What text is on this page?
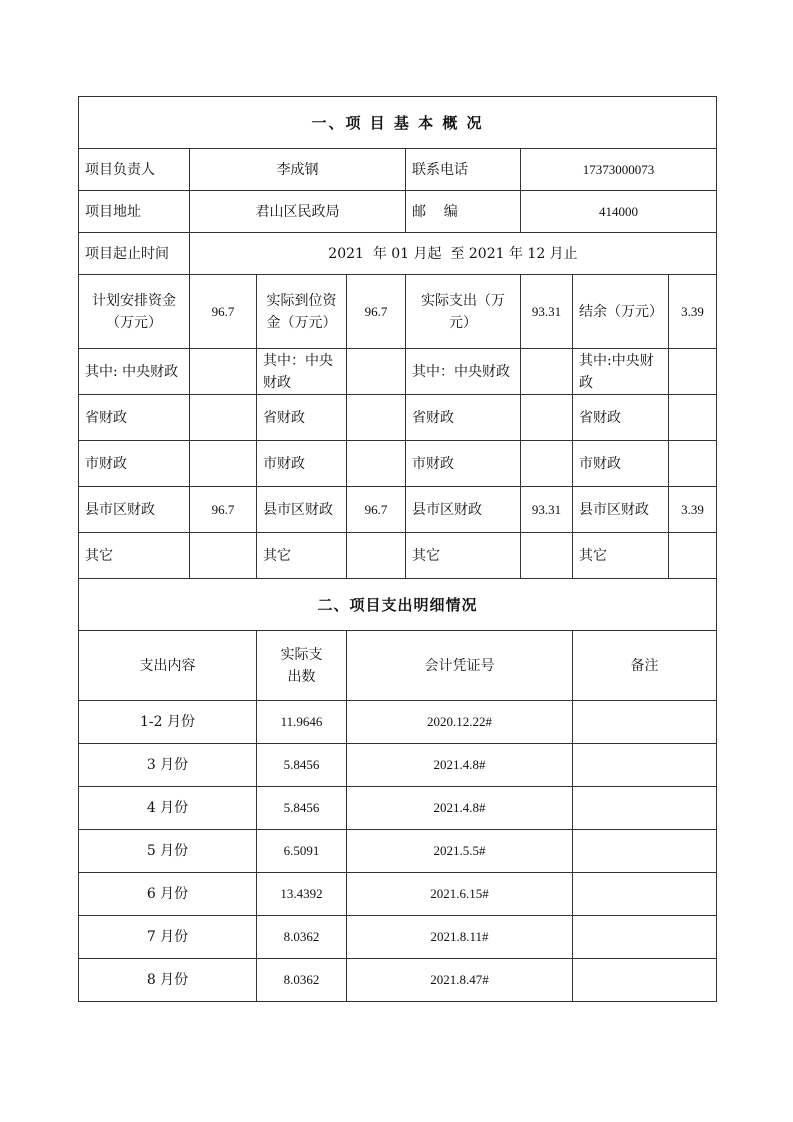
一、项 目 基 本 概 况							
项目负责人	李成钢			联系电话	17373000073		
项目地址	君山区民政局			邮    编	414000		
项目起止时间	2021  年 01 月起  至 2021 年 12 月止						
计划安排资金（万元）	96.7	实际到位资金（万元）	96.7	实际支出（万元）	93.31	结余（万元）	3.39
其中: 中央财政		其中：中央财政		其中：中央财政		其中:中央财政	
省财政		省财政		省财政		省财政	
市财政		市财政		市财政		市财政	
县市区财政	96.7	县市区财政	96.7	县市区财政	93.31	县市区财政	3.39
其它		其它		其它		其它	
二、项目支出明细情况							
支出内容		实际支出数	会计凭证号			备注	
1-2 月份		11.9646	2020.12.22#				
3 月份		5.8456	2021.4.8#				
4 月份		5.8456	2021.4.8#				
5 月份		6.5091	2021.5.5#				
6 月份		13.4392	2021.6.15#				
7 月份		8.0362	2021.8.11#				
8 月份		8.0362	2021.8.47#				
